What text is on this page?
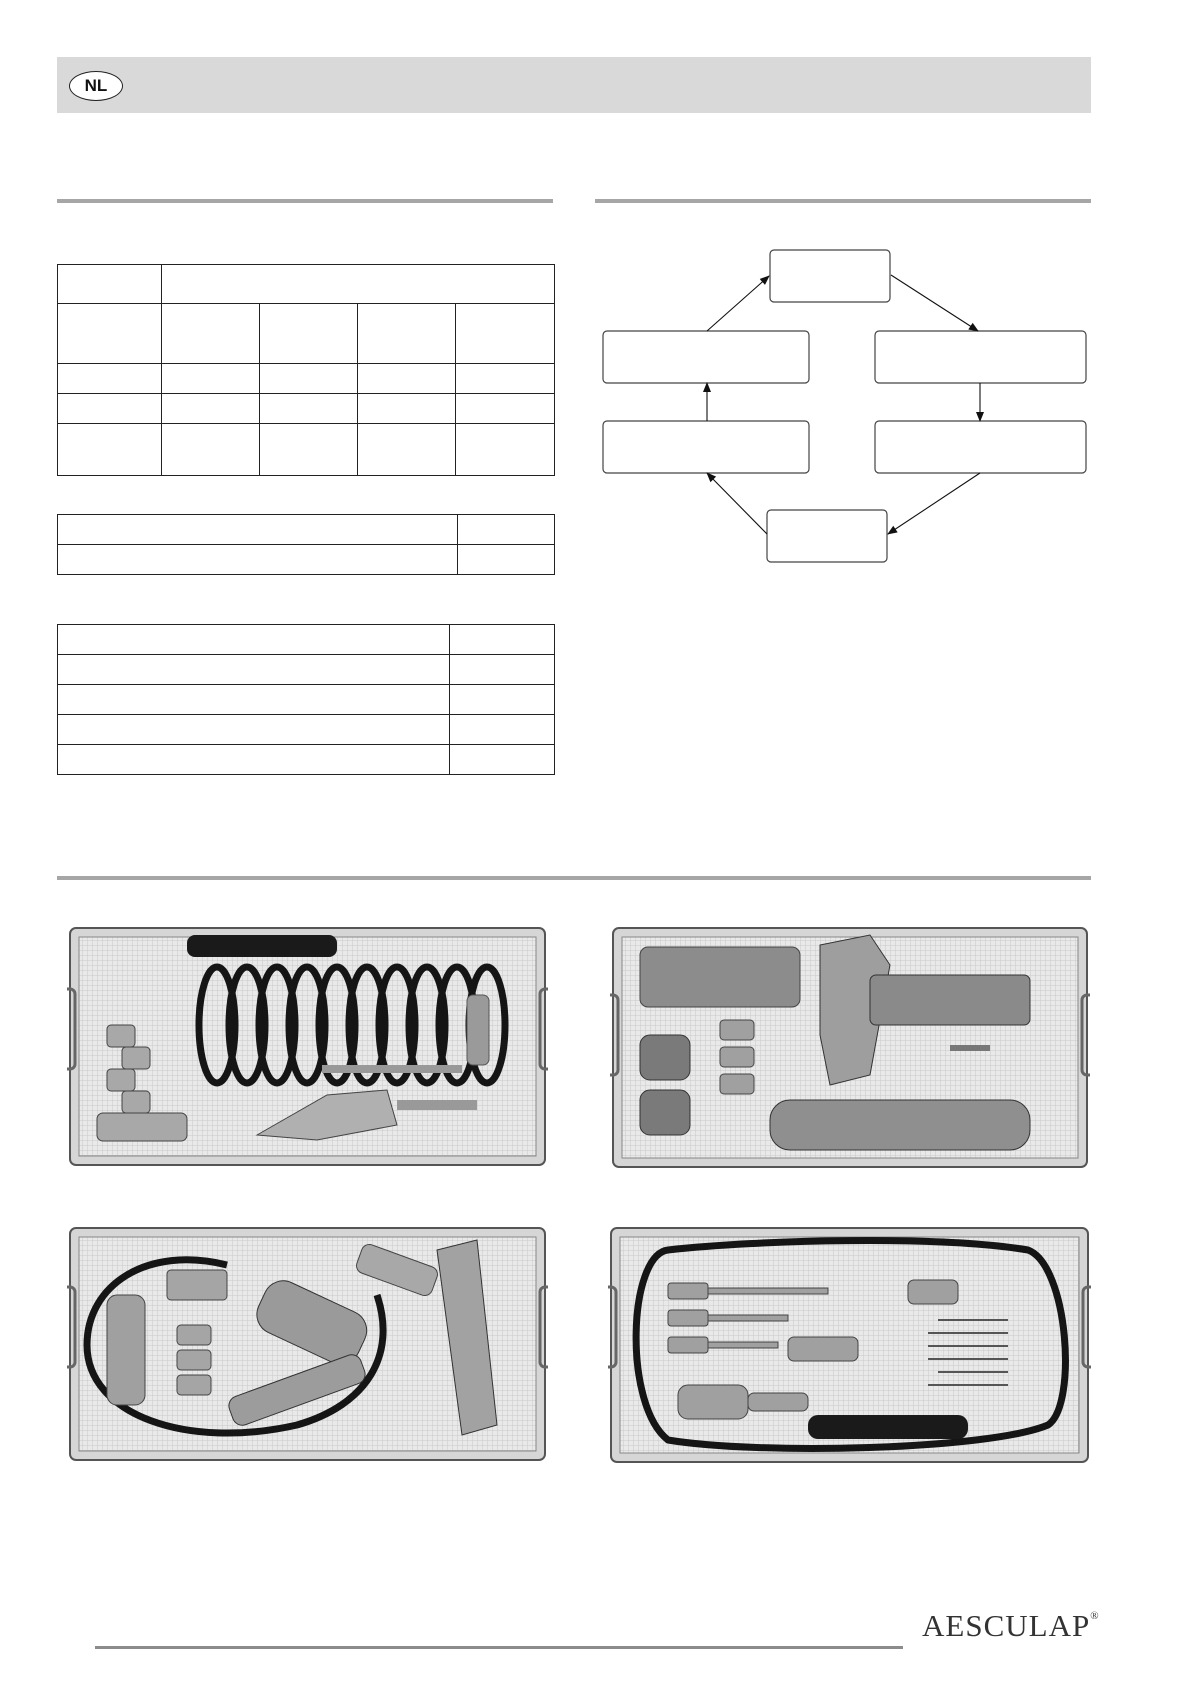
NL

AESCULAP®
